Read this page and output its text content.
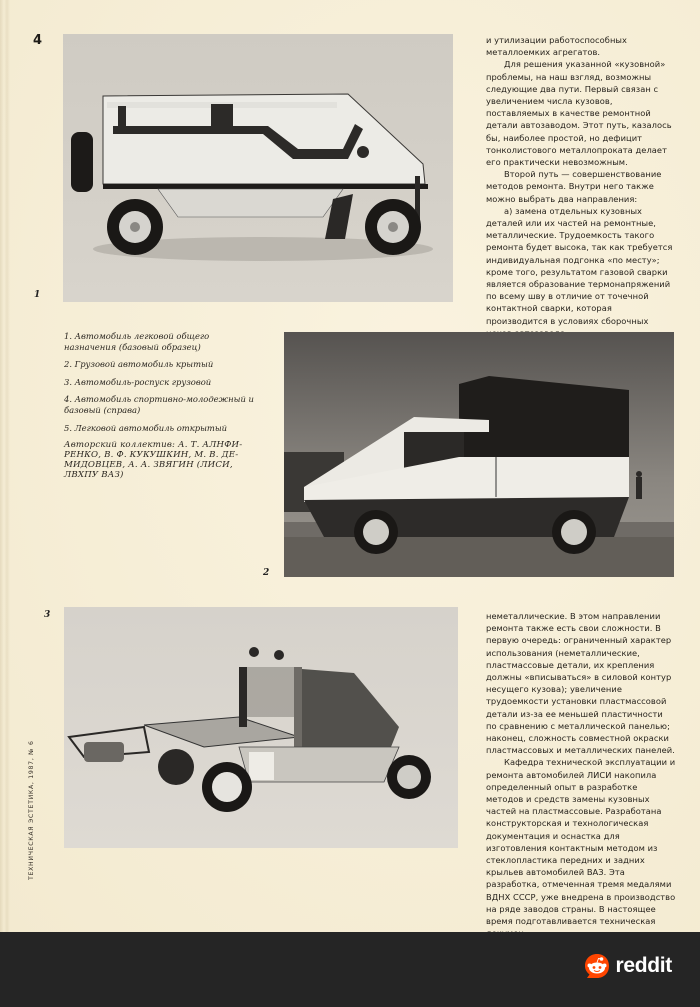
4
1

и утилизации работоспособных металлоемких агрегатов.

Для решения указанной «кузовной» проблемы, на наш взгляд, возможны следующие два пути. Первый связан с увеличением числа кузовов, поставляемых в качестве ремонтной детали автозаводом. Этот путь, казалось бы, наиболее простой, но дефицит тонколистового металлопроката делает его практически невозможным.

Второй путь — совершенствование методов ремонта. Внутри него также можно выбрать два направления:

а) замена отдельных кузовных деталей или их частей на ремонтные, металлические. Трудоемкость такого ремонта будет высока, так как требуется индивидуальная подгонка «по месту»; кроме того, результатом газовой сварки является образование термонапряжений по всему шву в отличие от точечной контактной сварки, которая производится в условиях сборочных

1. Автомобиль легковой общего назначения (базовый образец)

2. Грузовой автомобиль крытый

3. Автомобиль-роспуск грузовой

4. Автомобиль спортивно-молодежный и базовый (справа)

5. Легковой автомобиль открытый

Авторский коллектив: А. Т. АЛНФИ-РЕНКО, В. Ф. КУКУШКИН, М. В. ДЕ-МИДОВЦЕВ, А. А. ЗВЯГИН (ЛИСИ, ЛВХПУ ВАЗ)

2
3	неметаллические. В этом направлении ремонта также есть свои сложности. В первую очередь: ограниченный характер использования (неметаллические, пластмассовые детали, их крепления должны «вписываться» в силовой контур несущего кузова); увеличение трудоемкости установки пластмассовой детали из-за ее меньшей пластичности по сравнению с металлической панелью; наконец, сложность совместной окраски пластмассовых и металлических панелей.

Кафедра технической эксплуатации и ремонта автомобилей ЛИСИ накопила определенный опыт в разработке методов и средств замены кузовных частей на пластмассовые. Разработана конструкторская и технологическая документация и оснастка для изготовления контактным методом из стеклопластика передних и задних крыльев автомобилей ВАЗ. Эта разработка, отмеченная тремя медалями ВДНХ СССР, уже внедрена в производство на ряде заводов страны. В настоящее время подготавливается техническая

ТЕХНИЧЕСКАЯ ЭСТЕТИКА, 1987, № 6
reddit
